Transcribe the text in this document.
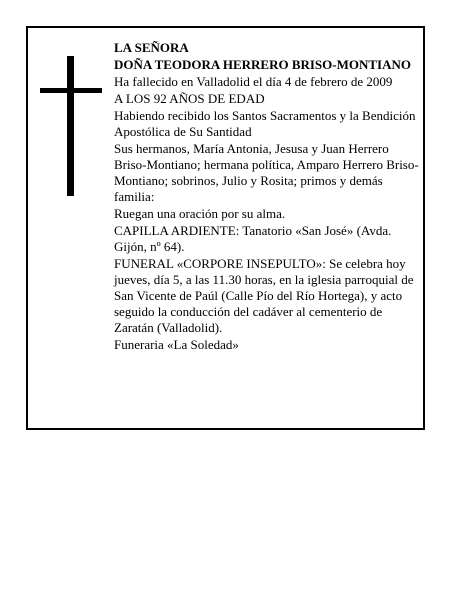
LA SEÑORA

DOÑA TEODORA HERRERO BRISO-MONTIANO

Ha fallecido en Valladolid el día 4 de febrero de 2009

A LOS 92 AÑOS DE EDAD

Habiendo recibido los Santos Sacramentos y la Bendición Apostólica de Su Santidad

Sus hermanos, María Antonia, Jesusa y Juan Herrero Briso-Montiano; hermana política, Amparo Herrero Briso-Montiano; sobrinos, Julio y Rosita; primos y demás familia:

Ruegan una oración por su alma.

CAPILLA ARDIENTE: Tanatorio «San José» (Avda. Gijón, nº 64).

FUNERAL «CORPORE INSEPULTO»: Se celebra hoy jueves, día 5, a las 11.30 horas, en la iglesia parroquial de San Vicente de Paúl (Calle Pío del Río Hortega), y acto seguido la conducción del cadáver al cementerio de Zaratán (Valladolid).

Funeraria «La Soledad»
